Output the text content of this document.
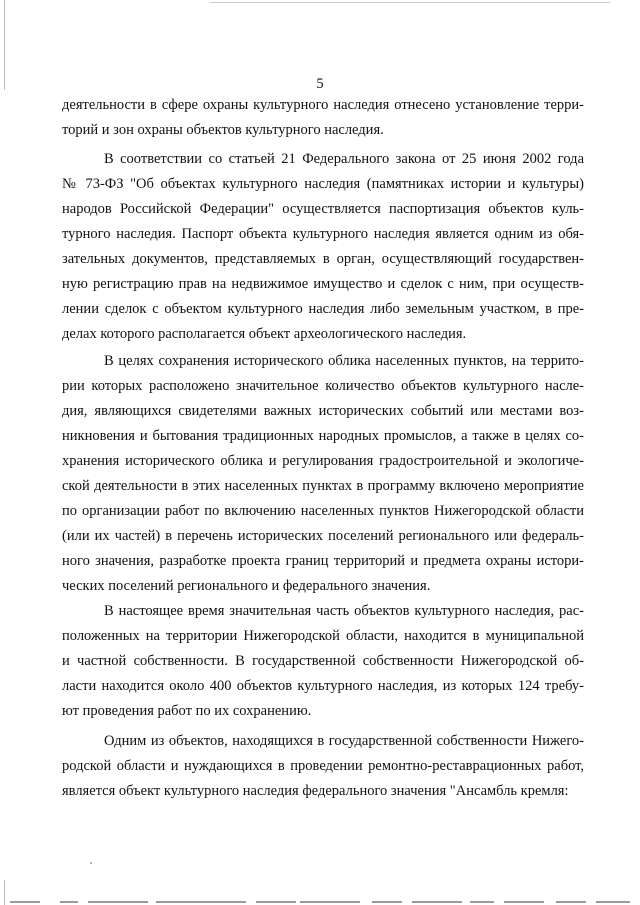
5
деятельности в сфере охраны культурного наследия отнесено установление терри-
торий и зон охраны объектов культурного наследия.
В соответствии со статьей 21 Федерального закона от 25 июня 2002 года
№ 73-ФЗ "Об объектах культурного наследия (памятниках истории и культуры)
народов Российской Федерации" осуществляется паспортизация объектов куль-
турного наследия. Паспорт объекта культурного наследия является одним из обя-
зательных документов, представляемых в орган, осуществляющий государствен-
ную регистрацию прав на недвижимое имущество и сделок с ним, при осуществ-
лении сделок с объектом культурного наследия либо земельным участком, в пре-
делах которого располагается объект археологического наследия.
В целях сохранения исторического облика населенных пунктов, на террито-
рии которых расположено значительное количество объектов культурного насле-
дия, являющихся свидетелями важных исторических событий или местами воз-
никновения и бытования традиционных народных промыслов, а также в целях со-
хранения исторического облика и регулирования градостроительной и экологиче-
ской деятельности в этих населенных пунктах в программу включено мероприятие
по организации работ по включению населенных пунктов Нижегородской области
(или их частей) в перечень исторических поселений регионального или федераль-
ного значения, разработке проекта границ территорий и предмета охраны истори-
ческих поселений регионального и федерального значения.
В настоящее время значительная часть объектов культурного наследия, рас-
положенных на территории Нижегородской области, находится в муниципальной
и частной собственности. В государственной собственности Нижегородской об-
ласти находится около 400 объектов культурного наследия, из которых 124 требу-
ют проведения работ по их сохранению.
Одним из объектов, находящихся в государственной собственности Нижего-
родской области и нуждающихся в проведении ремонтно-реставрационных работ,
является объект культурного наследия федерального значения "Ансамбль кремля:
